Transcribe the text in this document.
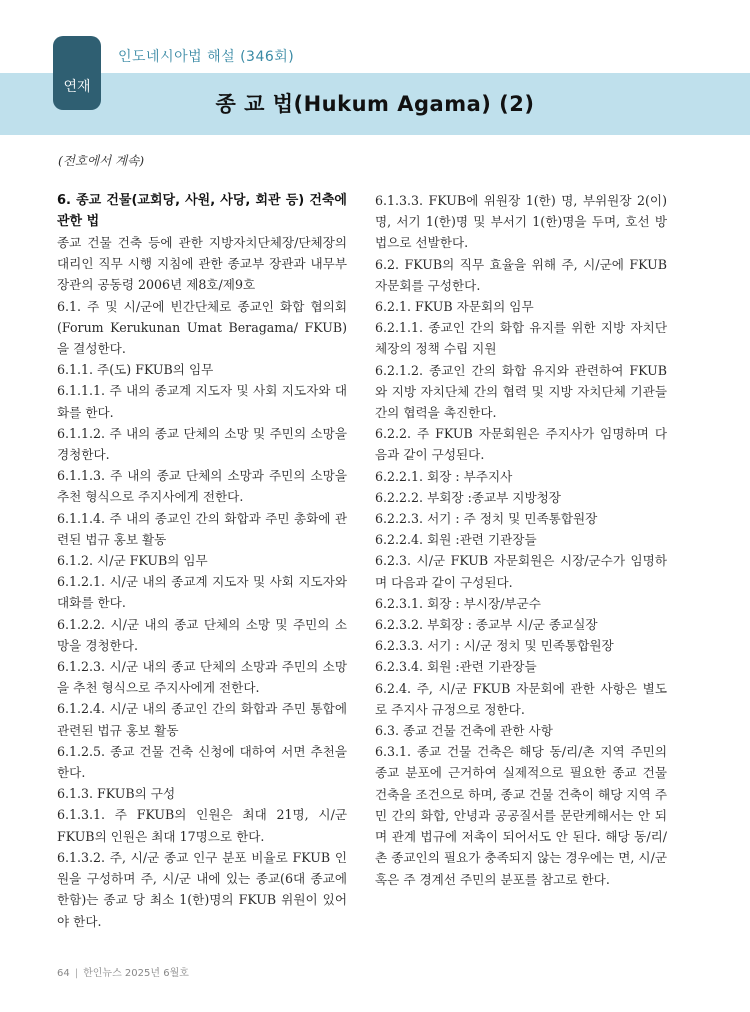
연재
인도네시아법 해설 (346회)
종 교 법(Hukum Agama) (2)
(전호에서 계속)

6. 종교 건물(교회당, 사원, 사당, 회관 등) 건축에 관한 법

종교 건물 건축 등에 관한 지방자치단체장/단체장의 대리인 직무 시행 지침에 관한 종교부 장관과 내무부 장관의 공동령 2006년 제8호/제9호

6.1. 주 및 시/군에 빈간단체로 종교인 화합 협의회(Forum Kerukunan Umat Beragama/ FKUB)을 결성한다.

6.1.1. 주(도) FKUB의 임무

6.1.1.1. 주 내의 종교계 지도자 및 사회 지도자와 대화를 한다.

6.1.1.2. 주 내의 종교 단체의 소망 및 주민의 소망을 경청한다.

6.1.1.3. 주 내의 종교 단체의 소망과 주민의 소망을 추천 형식으로 주지사에게 전한다.

6.1.1.4. 주 내의 종교인 간의 화합과 주민 총화에 관련된 법규 홍보 활동

6.1.2. 시/군 FKUB의 임무

6.1.2.1. 시/군 내의 종교계 지도자 및 사회 지도자와 대화를 한다.

6.1.2.2. 시/군 내의 종교 단체의 소망 및 주민의 소망을 경청한다.

6.1.2.3. 시/군 내의 종교 단체의 소망과 주민의 소망을 추천 형식으로 주지사에게 전한다.

6.1.2.4. 시/군 내의 종교인 간의 화합과 주민 통합에 관련된 법규 홍보 활동

6.1.2.5. 종교 건물 건축 신청에 대하여 서면 추천을 한다.

6.1.3. FKUB의 구성

6.1.3.1. 주 FKUB의 인원은 최대 21명, 시/군 FKUB의 인원은 최대 17명으로 한다.

6.1.3.2. 주, 시/군 종교 인구 분포 비율로 FKUB 인원을 구성하며 주, 시/군 내에 있는 종교(6대 종교에 한함)는 종교 당 최소 1(한)명의 FKUB 위원이 있어야 한다.

6.1.3.3. FKUB에 위원장 1(한) 명, 부위원장 2(이)명, 서기 1(한)명 및 부서기 1(한)명을 두며, 호선 방법으로 선발한다.

6.2. FKUB의 직무 효율을 위해 주, 시/군에 FKUB 자문회를 구성한다.

6.2.1. FKUB 자문회의 임무

6.2.1.1. 종교인 간의 화합 유지를 위한 지방 자치단체장의 정책 수립 지원

6.2.1.2. 종교인 간의 화합 유지와 관련하여 FKUB와 지방 자치단체 간의 협력 및 지방 자치단체 기관들 간의 협력을 촉진한다.

6.2.2. 주 FKUB 자문회원은 주지사가 임명하며 다음과 같이 구성된다.

6.2.2.1. 회장 : 부주지사

6.2.2.2. 부회장 :종교부 지방청장

6.2.2.3. 서기 : 주 정치 및 민족통합원장

6.2.2.4. 회원 :관련 기관장들

6.2.3. 시/군 FKUB 자문회원은 시장/군수가 임명하며 다음과 같이 구성된다.

6.2.3.1. 회장 : 부시장/부군수

6.2.3.2. 부회장 : 종교부 시/군 종교실장

6.2.3.3. 서기 : 시/군 정치 및 민족통합원장

6.2.3.4. 회원 :관련 기관장들

6.2.4. 주, 시/군 FKUB 자문회에 관한 사항은 별도로 주지사 규정으로 정한다.

6.3. 종교 건물 건축에 관한 사항

6.3.1. 종교 건물 건축은 해당 동/리/촌 지역 주민의 종교 분포에 근거하여 실제적으로 필요한 종교 건물 건축을 조건으로 하며, 종교 건물 건축이 해당 지역 주민 간의 화합, 안녕과 공공질서를 문란케해서는 안 되며 관계 법규에 저촉이 되어서도 안 된다. 해당 동/리/촌 종교인의 필요가 충족되지 않는 경우에는 면, 시/군 혹은 주 경계선 주민의 분포를 참고로 한다.

64 | 한인뉴스 2025년 6월호
